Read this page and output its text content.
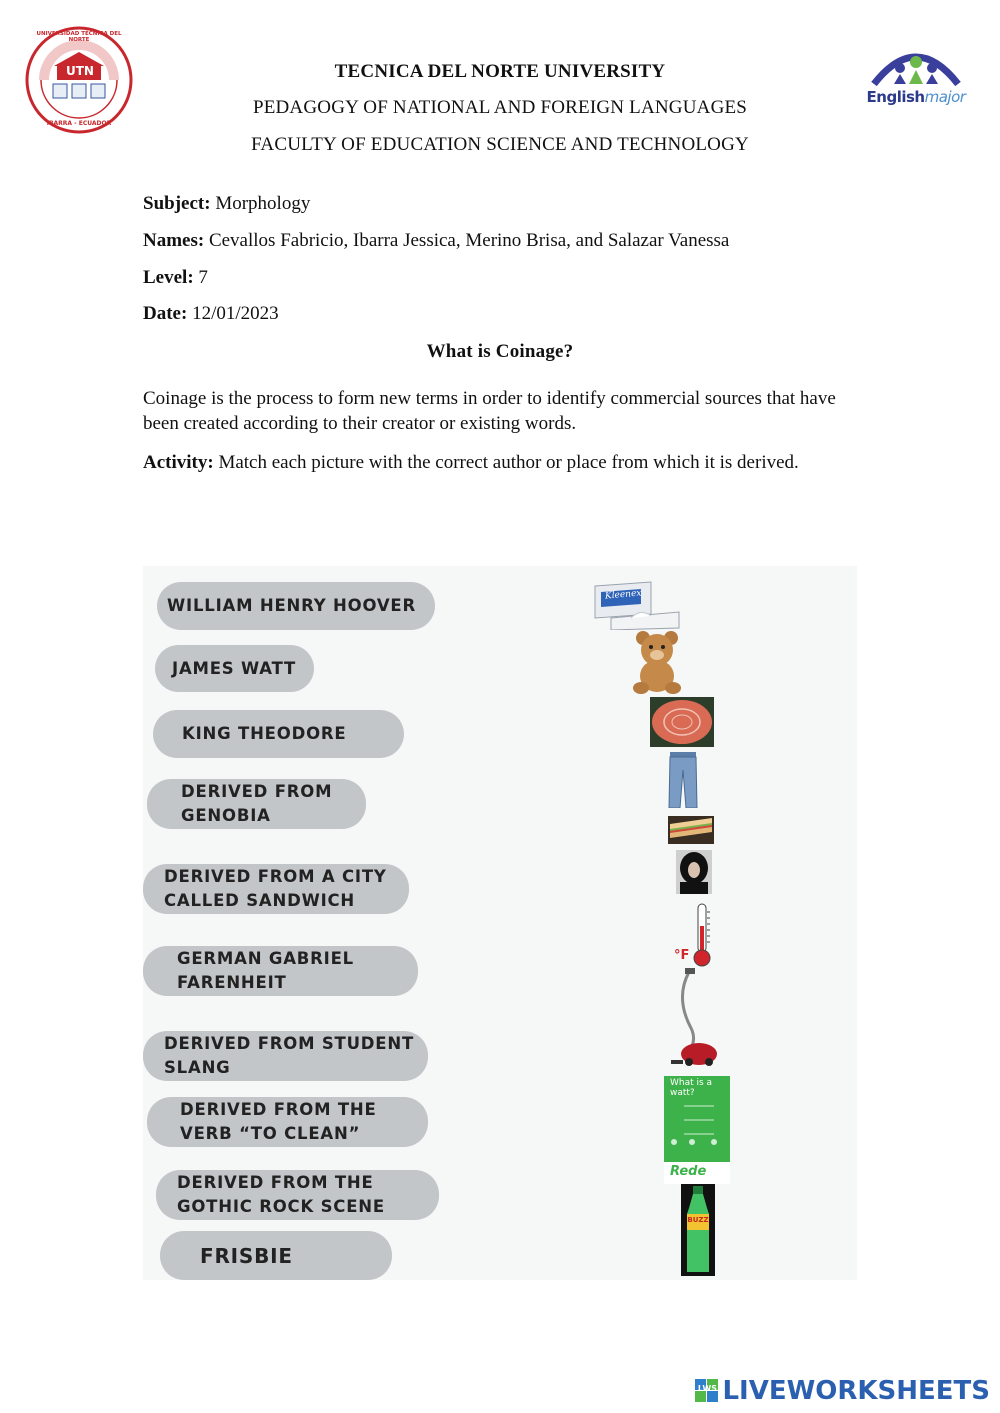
UTN
UNIVERSIDAD TÉCNICA DEL NORTE
IBARRA - ECUADOR
Englishmajor
TECNICA DEL NORTE UNIVERSITY
PEDAGOGY OF NATIONAL AND FOREIGN LANGUAGES
FACULTY OF EDUCATION SCIENCE AND TECHNOLOGY
Subject: Morphology
Names: Cevallos Fabricio, Ibarra Jessica, Merino Brisa, and Salazar Vanessa
Level: 7
Date: 12/01/2023
What is Coinage?
Coinage is the process to form new terms in order to identify commercial sources that have been created according to their creator or existing words.
Activity: Match each picture with the correct author or place from which it is derived.
WILLIAM HENRY HOOVER
JAMES WATT
KING THEODORE
DERIVED FROM
GENOBIA
DERIVED FROM A CITY
CALLED SANDWICH
GERMAN GABRIEL
FARENHEIT
DERIVED FROM STUDENT
SLANG
DERIVED FROM THE
VERB “TO CLEAN”
DERIVED FROM THE
GOTHIC ROCK SCENE
FRISBIE
Kleenex
°F
What is a watt?
Rede
BUZZ
LWS LIVEWORKSHEETS
